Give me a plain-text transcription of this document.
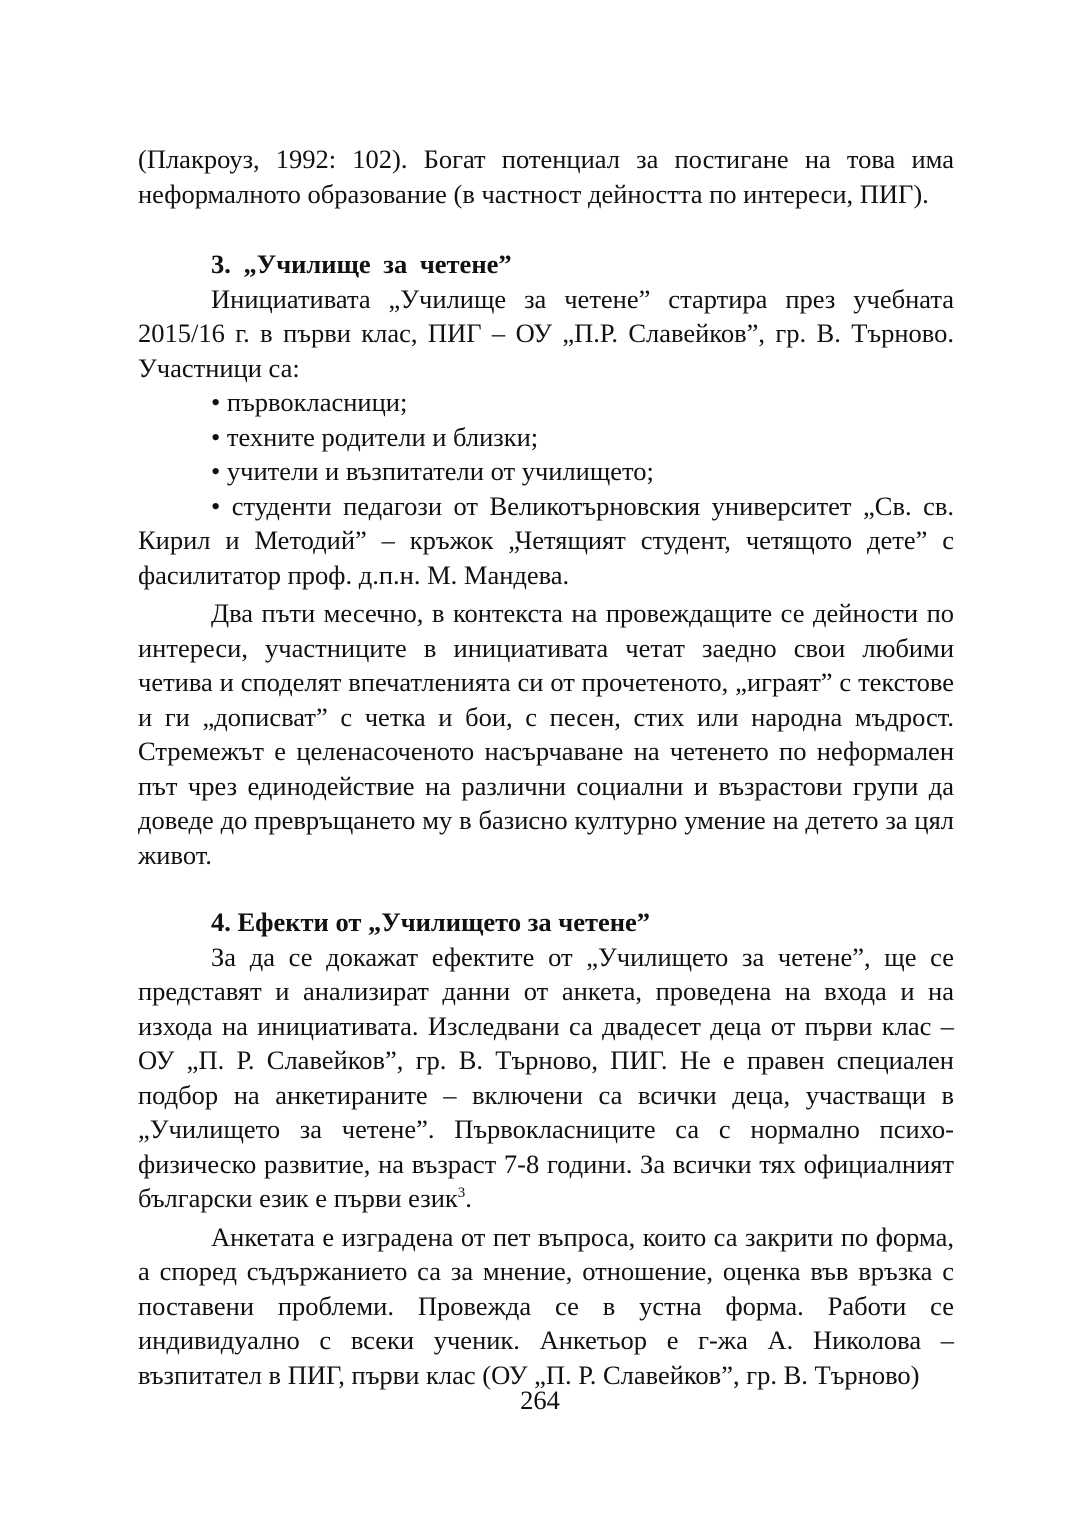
(Плакроуз, 1992: 102). Богат потенциал за постигане на това има неформалното образование (в частност дейността по интереси, ПИГ).

3. „Училище за четене”

Инициативата „Училище за четене” стартира през учебната 2015/16 г. в първи клас, ПИГ – ОУ „П.Р. Славейков”, гр. В. Търново. Участници са:

• първокласници;

• техните родители и близки;

• учители и възпитатели от училището;

• студенти педагози от Великотърновския университет „Св. св. Кирил и Методий” – кръжок „Четящият студент, четящото дете” с фасилитатор проф. д.п.н. М. Мандева.

Два пъти месечно, в контекста на провеждащите се дейности по интереси, участниците в инициативата четат заедно свои любими четива и споделят впечатленията си от прочетеното, „играят” с текстове и ги „дописват” с четка и бои, с песен, стих или народна мъдрост. Стремежът е целенасоченото насърчаване на четенето по неформален път чрез единодействие на различни социални и възрастови групи да доведе до превръщането му в базисно културно умение на детето за цял живот.

4. Ефекти от „Училището за четене”

За да се докажат ефектите от „Училището за четене”, ще се представят и анализират данни от анкета, проведена на входа и на изхода на инициативата. Изследвани са двадесет деца от първи клас – ОУ „П. Р. Славейков”, гр. В. Търново, ПИГ. Не е правен специален подбор на анкетираните – включени са всички деца, участващи в „Училището за четене”. Първокласниците са с нормално психо-физическо развитие, на възраст 7-8 години. За всички тях официалният български език е първи език$^3$.

Анкетата е изградена от пет въпроса, които са закрити по форма, а според съдържанието са за мнение, отношение, оценка във връзка с поставени проблеми. Провежда се в устна форма. Работи се индивидуално с всеки ученик. Анкетьор е г-жа А. Николова – възпитател в ПИГ, първи клас (ОУ „П. Р. Славейков”, гр. В. Търново)

264
